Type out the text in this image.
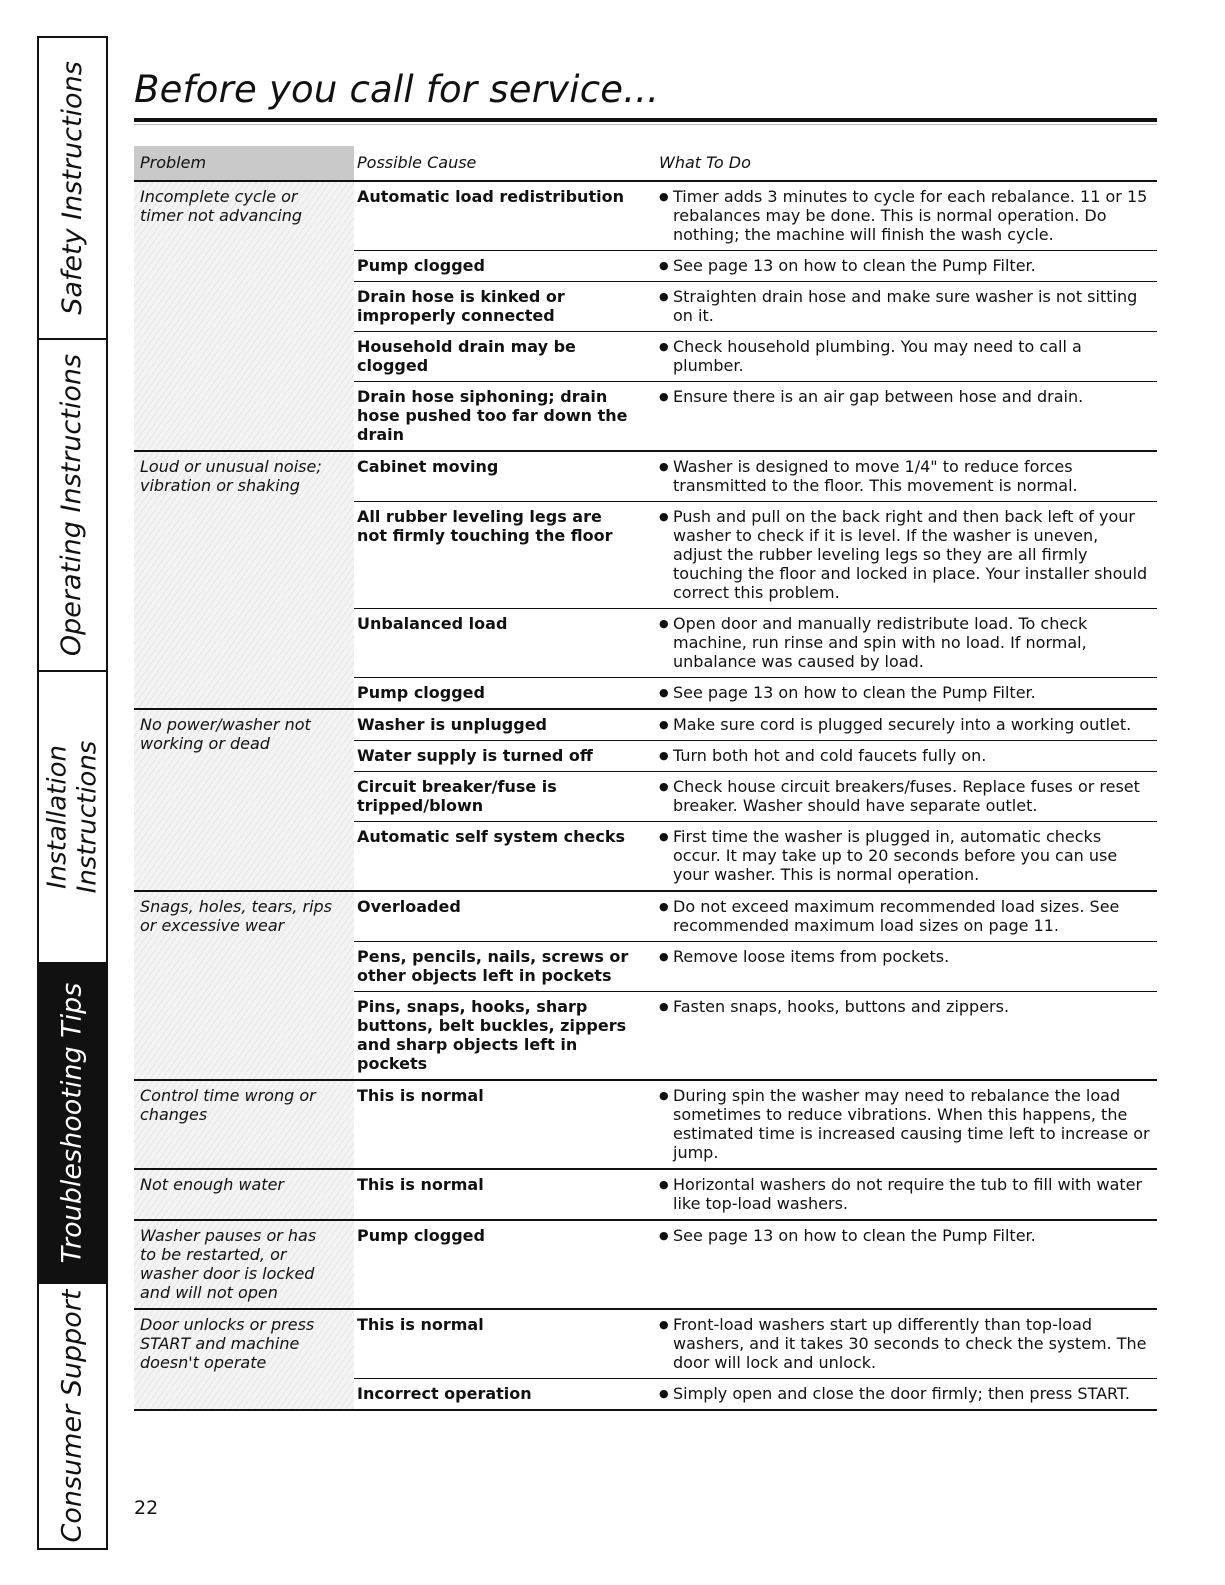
Safety Instructions
Operating Instructions
Installation
Instructions
Troubleshooting Tips
Consumer Support
Before you call for service...
Problem	Possible Cause	What To Do
Incomplete cycle or timer not advancing	Automatic load redistribution	● Timer adds 3 minutes to cycle for each rebalance. 11 or 15 rebalances may be done. This is normal operation. Do nothing; the machine will finish the wash cycle.

	Pump clogged	● See page 13 on how to clean the Pump Filter.

	Drain hose is kinked or improperly connected	● Straighten drain hose and make sure washer is not sitting on it.

	Household drain may be clogged	● Check household plumbing. You may need to call a plumber.

	Drain hose siphoning; drain hose pushed too far down the drain	● Ensure there is an air gap between hose and drain.

Loud or unusual noise; vibration or shaking	Cabinet moving	● Washer is designed to move 1/4" to reduce forces transmitted to the floor. This movement is normal.

	All rubber leveling legs are not firmly touching the floor	● Push and pull on the back right and then back left of your washer to check if it is level. If the washer is uneven, adjust the rubber leveling legs so they are all firmly touching the floor and locked in place. Your installer should correct this problem.

	Unbalanced load	● Open door and manually redistribute load. To check machine, run rinse and spin with no load. If normal, unbalance was caused by load.

	Pump clogged	● See page 13 on how to clean the Pump Filter.

No power/washer not working or dead	Washer is unplugged	● Make sure cord is plugged securely into a working outlet.

	Water supply is turned off	● Turn both hot and cold faucets fully on.

	Circuit breaker/fuse is tripped/blown	● Check house circuit breakers/fuses. Replace fuses or reset breaker. Washer should have separate outlet.

	Automatic self system checks	● First time the washer is plugged in, automatic checks occur. It may take up to 20 seconds before you can use your washer. This is normal operation.

Snags, holes, tears, rips or excessive wear	Overloaded	● Do not exceed maximum recommended load sizes. See recommended maximum load sizes on page 11.

	Pens, pencils, nails, screws or other objects left in pockets	● Remove loose items from pockets.

	Pins, snaps, hooks, sharp buttons, belt buckles, zippers and sharp objects left in pockets	● Fasten snaps, hooks, buttons and zippers.

Control time wrong or changes	This is normal	● During spin the washer may need to rebalance the load sometimes to reduce vibrations. When this happens, the estimated time is increased causing time left to increase or jump.

Not enough water	This is normal	● Horizontal washers do not require the tub to fill with water like top-load washers.

Washer pauses or has to be restarted, or washer door is locked and will not open	Pump clogged	● See page 13 on how to clean the Pump Filter.

Door unlocks or press START and machine doesn't operate	This is normal	● Front-load washers start up differently than top-load washers, and it takes 30 seconds to check the system. The door will lock and unlock.

	Incorrect operation	● Simply open and close the door firmly; then press START.
22
